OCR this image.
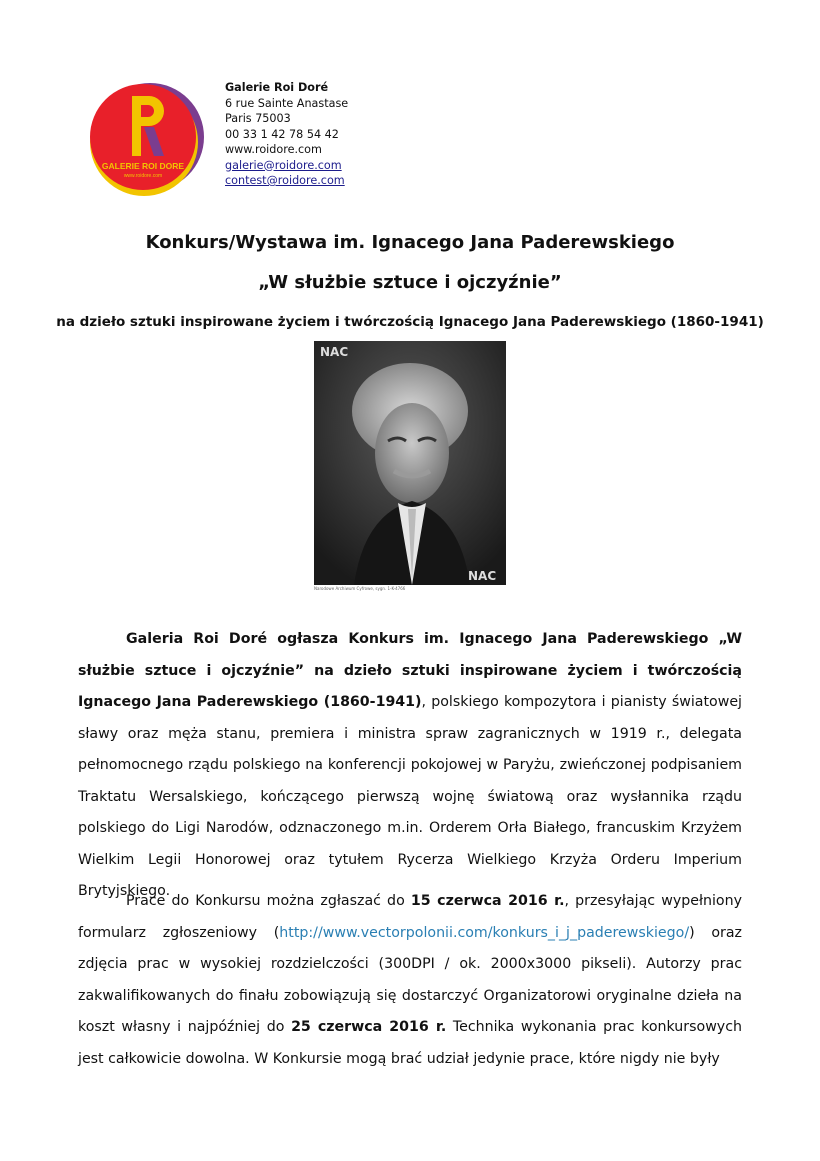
GALERIE ROI DORE
www.roidore.com
Galerie Roi Doré
6 rue Sainte Anastase
Paris 75003
00 33 1 42 78 54 42
www.roidore.com
galerie@roidore.com
contest@roidore.com
Konkurs/Wystawa im. Ignacego Jana Paderewskiego
„W służbie sztuce i ojczyźnie”
na dzieło sztuki inspirowane życiem i twórczością Ignacego Jana Paderewskiego (1860-1941)
NAC
NAC
Narodowe Archiwum Cyfrowe, sygn. 1-K-4766
Galeria Roi Doré ogłasza Konkurs im. Ignacego Jana Paderewskiego „W służbie sztuce i ojczyźnie” na dzieło sztuki inspirowane życiem i twórczością Ignacego Jana Paderewskiego (1860-1941), polskiego kompozytora i pianisty światowej sławy oraz męża stanu, premiera i ministra spraw zagranicznych w 1919 r., delegata pełnomocnego rządu polskiego na konferencji pokojowej w Paryżu, zwieńczonej podpisaniem Traktatu Wersalskiego, kończącego pierwszą wojnę światową oraz wysłannika rządu polskiego do Ligi Narodów, odznaczonego m.in. Orderem Orła Białego, francuskim Krzyżem Wielkim Legii Honorowej oraz tytułem Rycerza Wielkiego Krzyża Orderu Imperium Brytyjskiego.
Prace do Konkursu można zgłaszać do 15 czerwca 2016 r., przesyłając wypełniony formularz zgłoszeniowy (http://www.vectorpolonii.com/konkurs_i_j_paderewskiego/) oraz zdjęcia prac w wysokiej rozdzielczości (300DPI / ok. 2000x3000 pikseli). Autorzy prac zakwalifikowanych do finału zobowiązują się dostarczyć Organizatorowi oryginalne dzieła na koszt własny i najpóźniej do 25 czerwca 2016 r. Technika wykonania prac konkursowych jest całkowicie dowolna. W Konkursie mogą brać udział jedynie prace, które nigdy nie były
